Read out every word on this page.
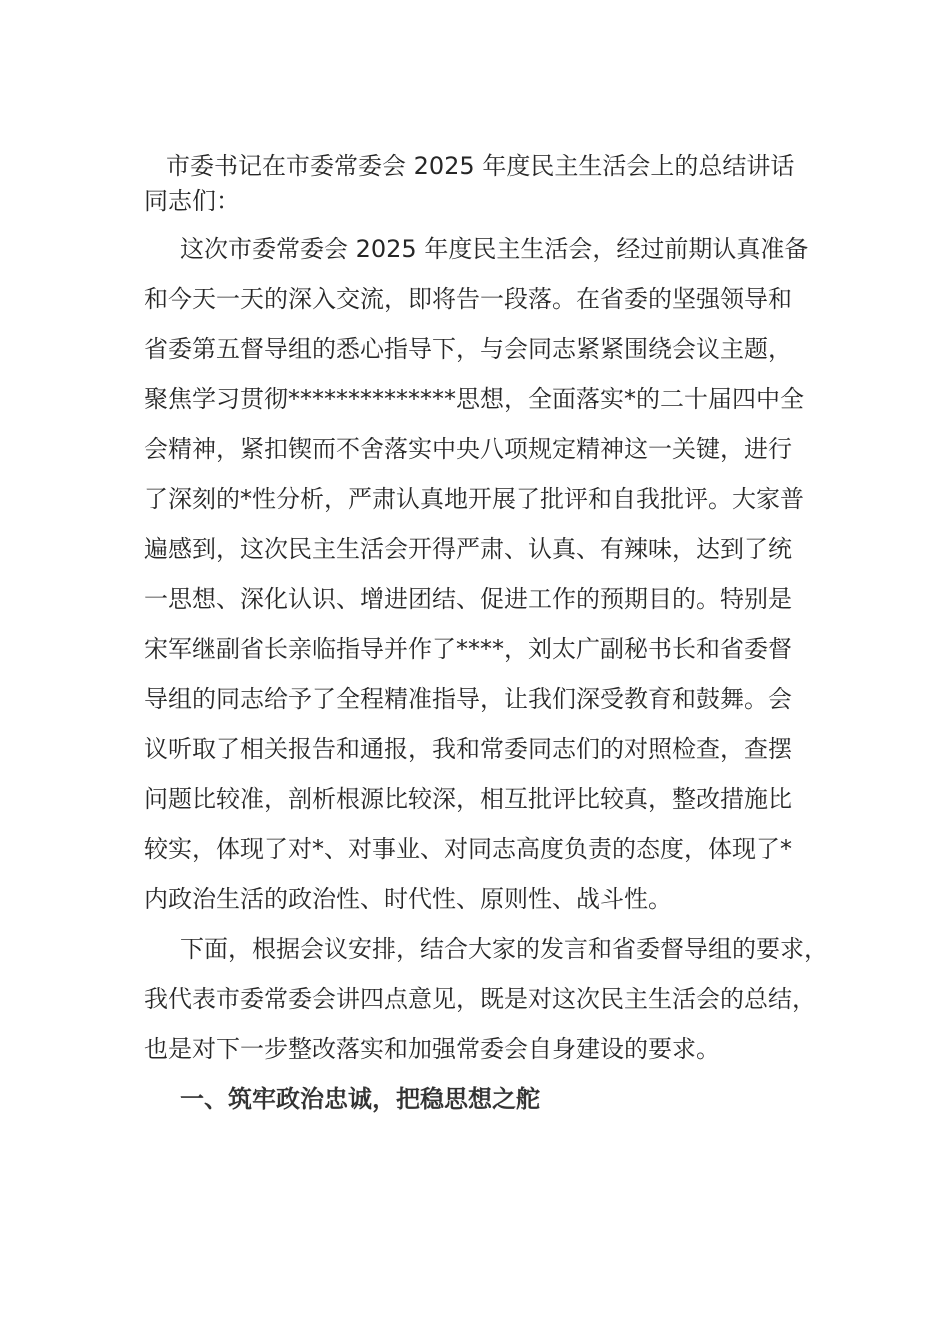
市委书记在市委常委会 2025 年度民主生活会上的总结讲话
同志们：
这次市委常委会 2025 年度民主生活会，经过前期认真准备
和今天一天的深入交流，即将告一段落。在省委的坚强领导和
省委第五督导组的悉心指导下，与会同志紧紧围绕会议主题，
聚焦学习贯彻**************思想，全面落实*的二十届四中全
会精神，紧扣锲而不舍落实中央八项规定精神这一关键，进行
了深刻的*性分析，严肃认真地开展了批评和自我批评。大家普
遍感到，这次民主生活会开得严肃、认真、有辣味，达到了统
一思想、深化认识、增进团结、促进工作的预期目的。特别是
宋军继副省长亲临指导并作了****，刘太广副秘书长和省委督
导组的同志给予了全程精准指导，让我们深受教育和鼓舞。会
议听取了相关报告和通报，我和常委同志们的对照检查，查摆
问题比较准，剖析根源比较深，相互批评比较真，整改措施比
较实，体现了对*、对事业、对同志高度负责的态度，体现了*
内政治生活的政治性、时代性、原则性、战斗性。
下面，根据会议安排，结合大家的发言和省委督导组的要求，
我代表市委常委会讲四点意见，既是对这次民主生活会的总结，
也是对下一步整改落实和加强常委会自身建设的要求。
一、筑牢政治忠诚，把稳思想之舵
